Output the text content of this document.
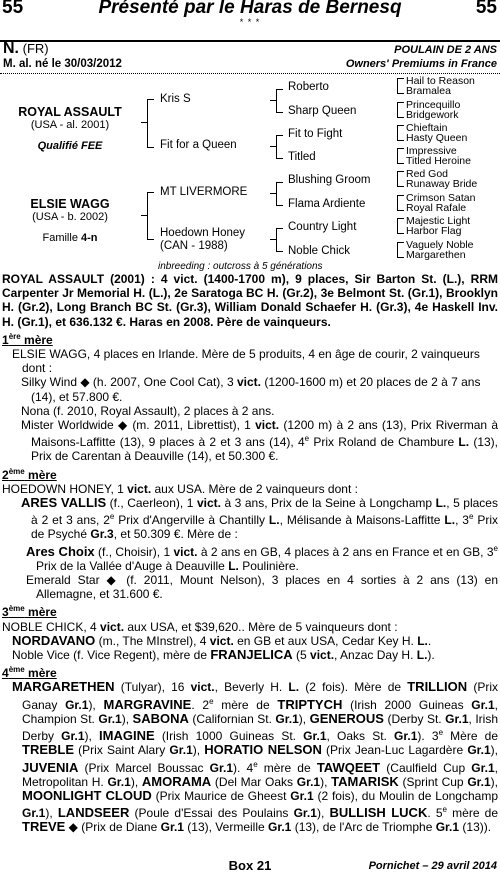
Présenté par le Haras de Bernesq
55	55
* * *
N. (FR)	POULAIN DE 2 ANS
M. al. né le 30/03/2012	Owners' Premiums in France
ROYAL ASSAULT
(USA - al. 2001)
Qualifié FEE
ELSIE WAGG
(USA - b. 2002)
Famille 4-n
Kris S
Fit for a Queen
MT LIVERMORE
Hoedown Honey
(CAN - 1988)
Roberto
Sharp Queen
Fit to Fight
Titled
Blushing Groom
Flama Ardiente
Country Light
Noble Chick
Hail to Reason
Bramalea
Princequillo
Bridgework
Chieftain
Hasty Queen
Impressive
Titled Heroine
Red God
Runaway Bride
Crimson Satan
Royal Rafale
Majestic Light
Harbor Flag
Vaguely Noble
Margarethen
inbreeding : outcross à 5 générations

ROYAL ASSAULT (2001) : 4 vict. (1400-1700 m), 9 places, Sir Barton St. (L.), RRM Carpenter Jr Memorial H. (L.), 2e Saratoga BC H. (Gr.2), 3e Belmont St. (Gr.1), Brooklyn H. (Gr.2), Long Branch BC St. (Gr.3), William Donald Schaefer H. (Gr.3), 4e Haskell Inv. H. (Gr.1), et 636.132 €. Haras en 2008. Père de vainqueurs.

1ère mère

ELSIE WAGG, 4 places en Irlande. Mère de 5 produits, 4 en âge de courir, 2 vainqueurs dont :

Silky Wind ◆ (h. 2007, One Cool Cat), 3 vict. (1200-1600 m) et 20 places de 2 à 7 ans (14), et 57.800 €.

Nona (f. 2010, Royal Assault), 2 places à 2 ans.

Mister Worldwide ◆ (m. 2011, Librettist), 1 vict. (1200 m) à 2 ans (13), Prix Riverman à Maisons-Laffitte (13), 9 places à 2 et 3 ans (14), 4e Prix Roland de Chambure L. (13), Prix de Carentan à Deauville (14), et 50.300 €.

2ème mère

HOEDOWN HONEY, 1 vict. aux USA. Mère de 2 vainqueurs dont :

ARES VALLIS (f., Caerleon), 1 vict. à 3 ans, Prix de la Seine à Longchamp L., 5 places à 2 et 3 ans, 2e Prix d'Angerville à Chantilly L., Mélisande à Maisons-Laffitte L., 3e Prix de Psyché Gr.3, et 50.309 €. Mère de :

Ares Choix (f., Choisir), 1 vict. à 2 ans en GB, 4 places à 2 ans en France et en GB, 3e Prix de la Vallée d'Auge à Deauville L. Poulinière.

Emerald Star ◆ (f. 2011, Mount Nelson), 3 places en 4 sorties à 2 ans (13) en Allemagne, et 31.600 €.

3ème mère

NOBLE CHICK, 4 vict. aux USA, et $39,620.. Mère de 5 vainqueurs dont :

NORDAVANO (m., The MInstrel), 4 vict. en GB et aux USA, Cedar Key H. L..

Noble Vice (f. Vice Regent), mère de FRANJELICA (5 vict., Anzac Day H. L.).

4ème mère

MARGARETHEN (Tulyar), 16 vict., Beverly H. L. (2 fois). Mère de TRILLION (Prix Ganay Gr.1), MARGRAVINE. 2e mère de TRIPTYCH (Irish 2000 Guineas Gr.1, Champion St. Gr.1), SABONA (Californian St. Gr.1), GENEROUS (Derby St. Gr.1, Irish Derby Gr.1), IMAGINE (Irish 1000 Guineas St. Gr.1, Oaks St. Gr.1). 3e Mère de TREBLE (Prix Saint Alary Gr.1), HORATIO NELSON (Prix Jean-Luc Lagardère Gr.1), JUVENIA (Prix Marcel Boussac Gr.1). 4e mère de TAWQEET (Caulfield Cup Gr.1, Metropolitan H. Gr.1), AMORAMA (Del Mar Oaks Gr.1), TAMARISK (Sprint Cup Gr.1), MOONLIGHT CLOUD (Prix Maurice de Gheest Gr.1 (2 fois), du Moulin de Longchamp Gr.1), LANDSEER (Poule d'Essai des Poulains Gr.1), BULLISH LUCK. 5e mère de TREVE ◆ (Prix de Diane Gr.1 (13), Vermeille Gr.1 (13), de l'Arc de Triomphe Gr.1 (13)).

Box 21	Pornichet – 29 avril 2014
